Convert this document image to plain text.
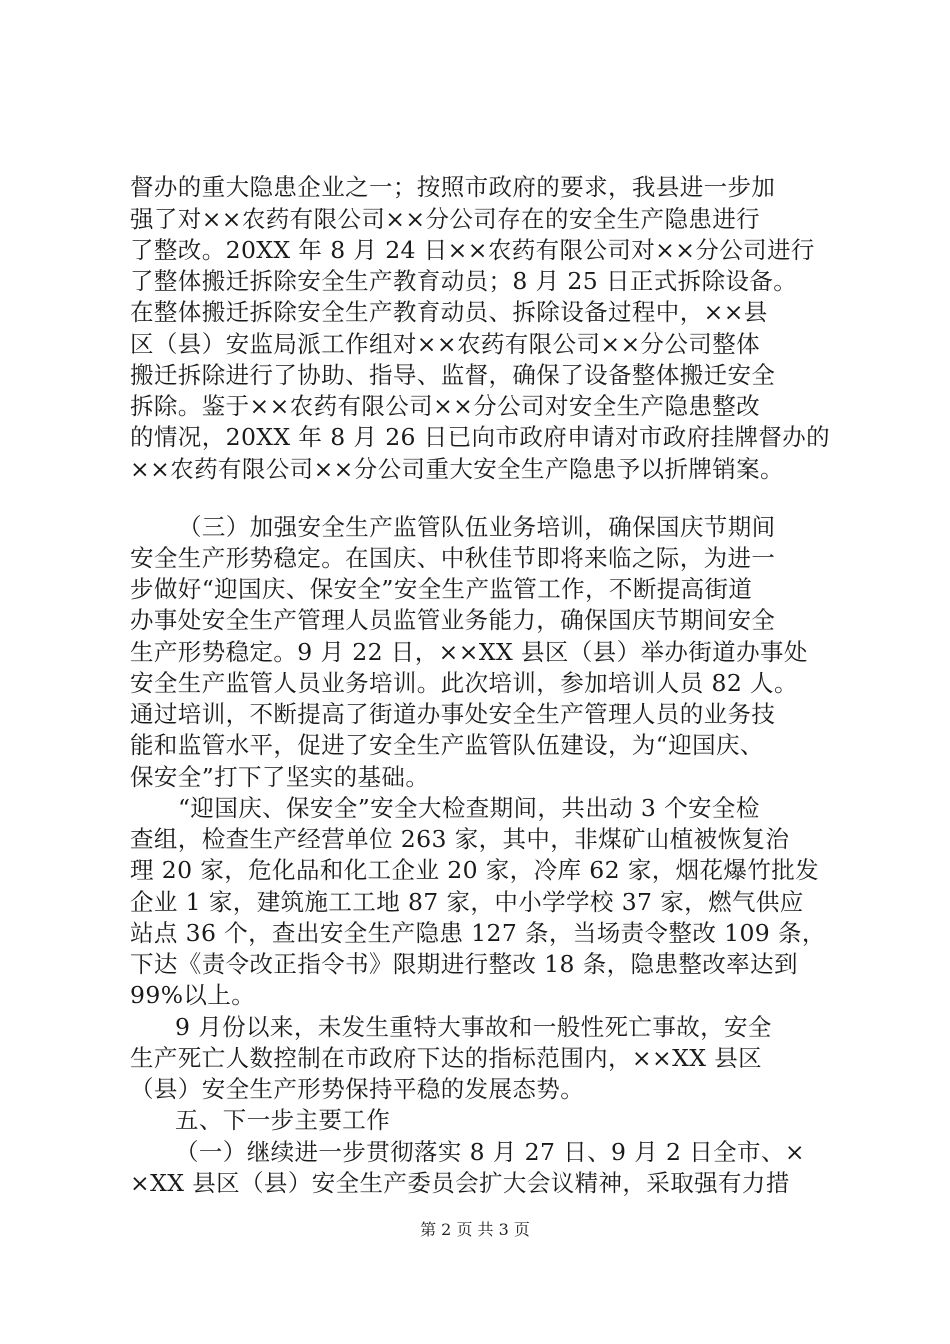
督办的重大隐患企业之一；按照市政府的要求，我县进一步加
强了对××农药有限公司××分公司存在的安全生产隐患进行
了整改。20XX 年 8 月 24 日××农药有限公司对××分公司进行
了整体搬迁拆除安全生产教育动员；8 月 25 日正式拆除设备。
在整体搬迁拆除安全生产教育动员、拆除设备过程中，××县
区（县）安监局派工作组对××农药有限公司××分公司整体
搬迁拆除进行了协助、指导、监督，确保了设备整体搬迁安全
拆除。鉴于××农药有限公司××分公司对安全生产隐患整改
的情况，20XX 年 8 月 26 日已向市政府申请对市政府挂牌督办的
××农药有限公司××分公司重大安全生产隐患予以折牌销案。
（三）加强安全生产监管队伍业务培训，确保国庆节期间
安全生产形势稳定。在国庆、中秋佳节即将来临之际，为进一
步做好“迎国庆、保安全”安全生产监管工作，不断提高街道
办事处安全生产管理人员监管业务能力，确保国庆节期间安全
生产形势稳定。9 月 22 日，××XX 县区（县）举办街道办事处
安全生产监管人员业务培训。此次培训，参加培训人员 82 人。
通过培训，不断提高了街道办事处安全生产管理人员的业务技
能和监管水平，促进了安全生产监管队伍建设，为“迎国庆、
保安全”打下了坚实的基础。
“迎国庆、保安全”安全大检查期间，共出动 3 个安全检
查组，检查生产经营单位 263 家，其中，非煤矿山植被恢复治
理 20 家，危化品和化工企业 20 家，冷库 62 家，烟花爆竹批发
企业 1 家，建筑施工工地 87 家，中小学学校 37 家，燃气供应
站点 36 个，查出安全生产隐患 127 条，当场责令整改 109 条，
下达《责令改正指令书》限期进行整改 18 条，隐患整改率达到
99%以上。
9 月份以来，未发生重特大事故和一般性死亡事故，安全
生产死亡人数控制在市政府下达的指标范围内，××XX 县区
（县）安全生产形势保持平稳的发展态势。
五、下一步主要工作
（一）继续进一步贯彻落实 8 月 27 日、9 月 2 日全市、×
×XX 县区（县）安全生产委员会扩大会议精神，采取强有力措
第 2 页 共 3 页
